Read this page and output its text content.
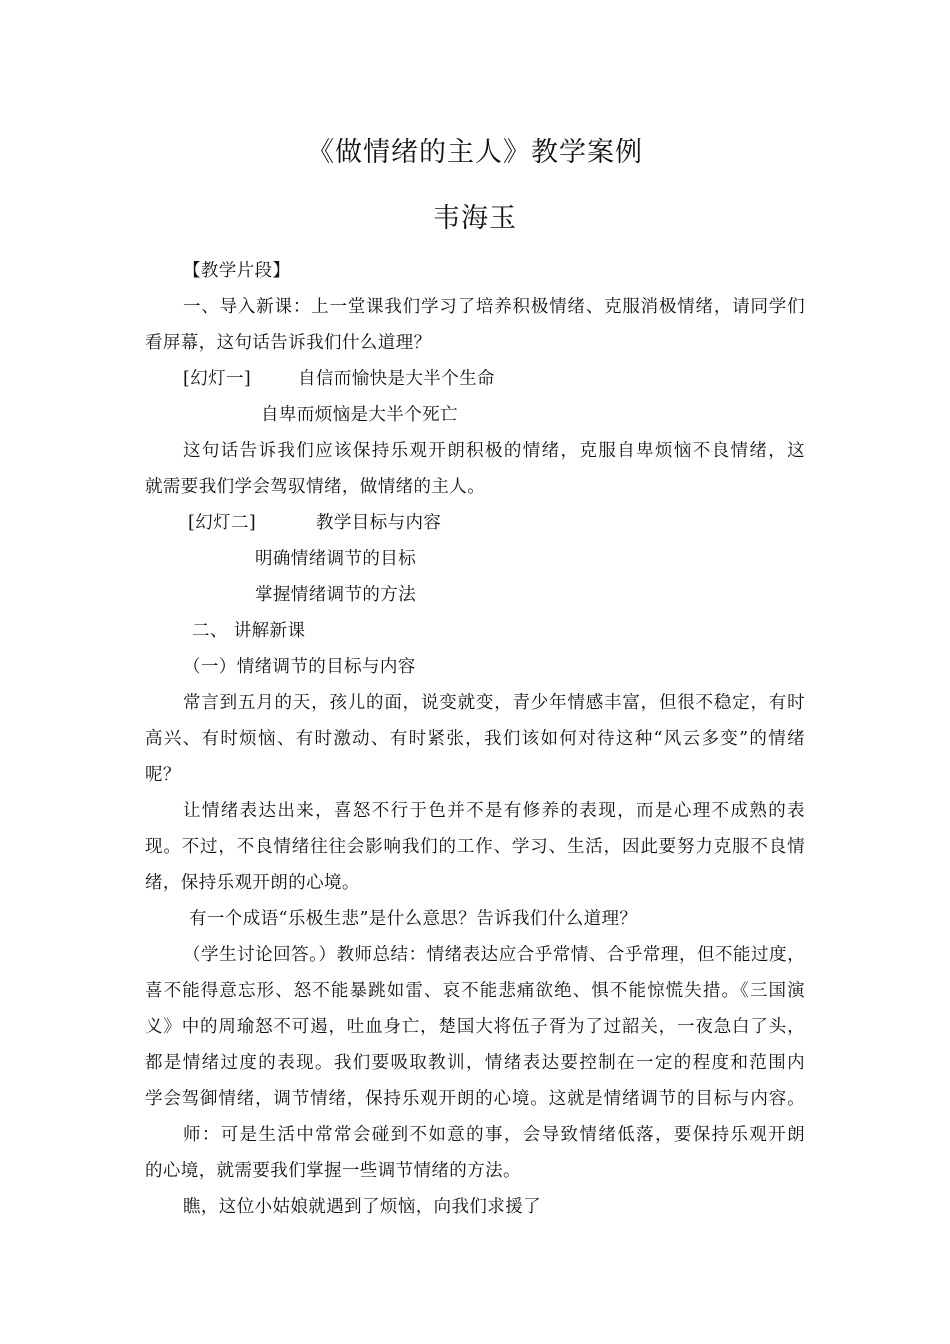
《做情绪的主人》教学案例
韦海玉
【教学片段】
一、导入新课：上一堂课我们学习了培养积极情绪、克服消极情绪，请同学们
看屏幕，这句话告诉我们什么道理？
[幻灯一]	自信而愉快是大半个生命
自卑而烦恼是大半个死亡
这句话告诉我们应该保持乐观开朗积极的情绪，克服自卑烦恼不良情绪，这
就需要我们学会驾驭情绪，做情绪的主人。
[幻灯二]	教学目标与内容
明确情绪调节的目标
掌握情绪调节的方法
二、 讲解新课
（一）情绪调节的目标与内容
常言到五月的天，孩儿的面，说变就变，青少年情感丰富，但很不稳定，有时
高兴、有时烦恼、有时激动、有时紧张，我们该如何对待这种“风云多变”的情绪
呢？
让情绪表达出来，喜怒不行于色并不是有修养的表现，而是心理不成熟的表
现。不过，不良情绪往往会影响我们的工作、学习、生活，因此要努力克服不良情
绪，保持乐观开朗的心境。
有一个成语“乐极生悲”是什么意思？告诉我们什么道理？
（学生讨论回答。）教师总结：情绪表达应合乎常情、合乎常理，但不能过度，
喜不能得意忘形、怒不能暴跳如雷、哀不能悲痛欲绝、惧不能惊慌失措。《三国演
义》中的周瑜怒不可遏，吐血身亡，楚国大将伍子胥为了过韶关，一夜急白了头，
都是情绪过度的表现。我们要吸取教训，情绪表达要控制在一定的程度和范围内
学会驾御情绪，调节情绪，保持乐观开朗的心境。这就是情绪调节的目标与内容。
师：可是生活中常常会碰到不如意的事，会导致情绪低落，要保持乐观开朗
的心境，就需要我们掌握一些调节情绪的方法。
瞧，这位小姑娘就遇到了烦恼，向我们求援了
